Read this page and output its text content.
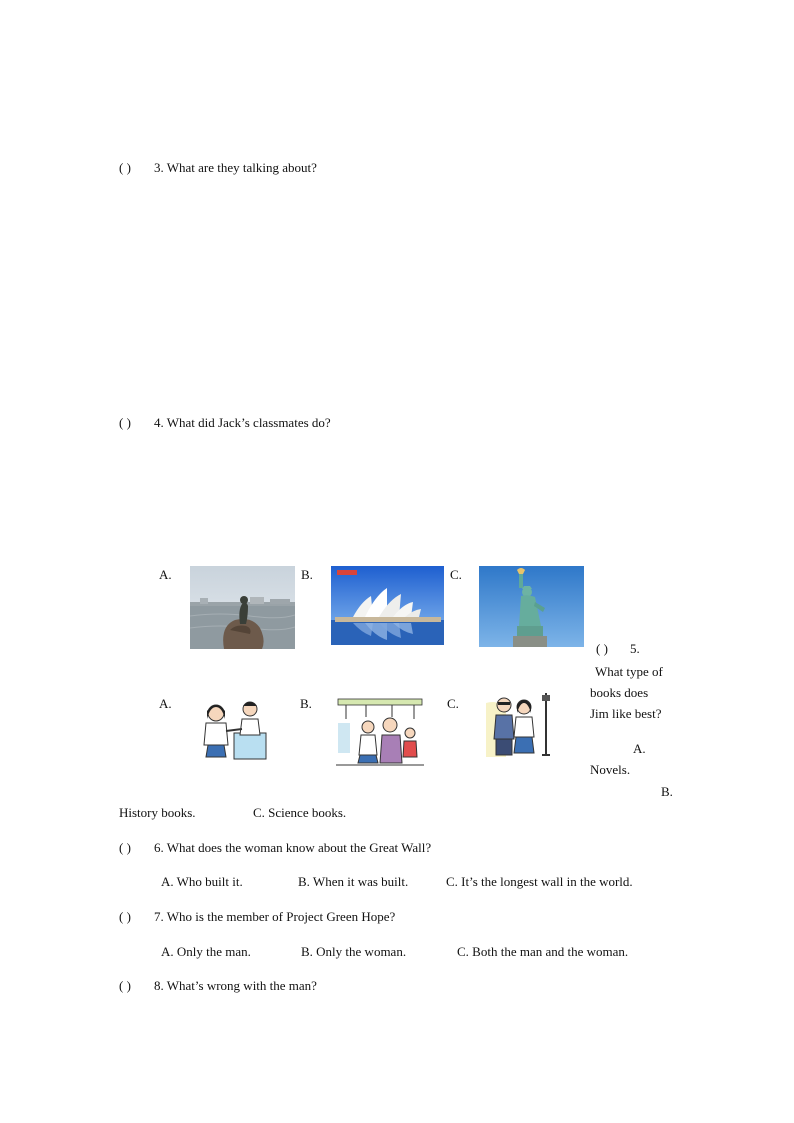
( ) 3. What are they talking about?
( ) 4. What did Jack’s classmates do?
A.	B.	C.
A.	B.	C.
( ) 5.
What type of
books does
Jim like best?
A.
Novels.
B.
History books.	C. Science books.
( ) 6. What does the woman know about the Great Wall?
A. Who built it.	B. When it was built.	C. It’s the longest wall in the world.
( ) 7. Who is the member of Project Green Hope?
A. Only the man.	B. Only the woman.	C. Both the man and the woman.
( ) 8. What’s wrong with the man?
